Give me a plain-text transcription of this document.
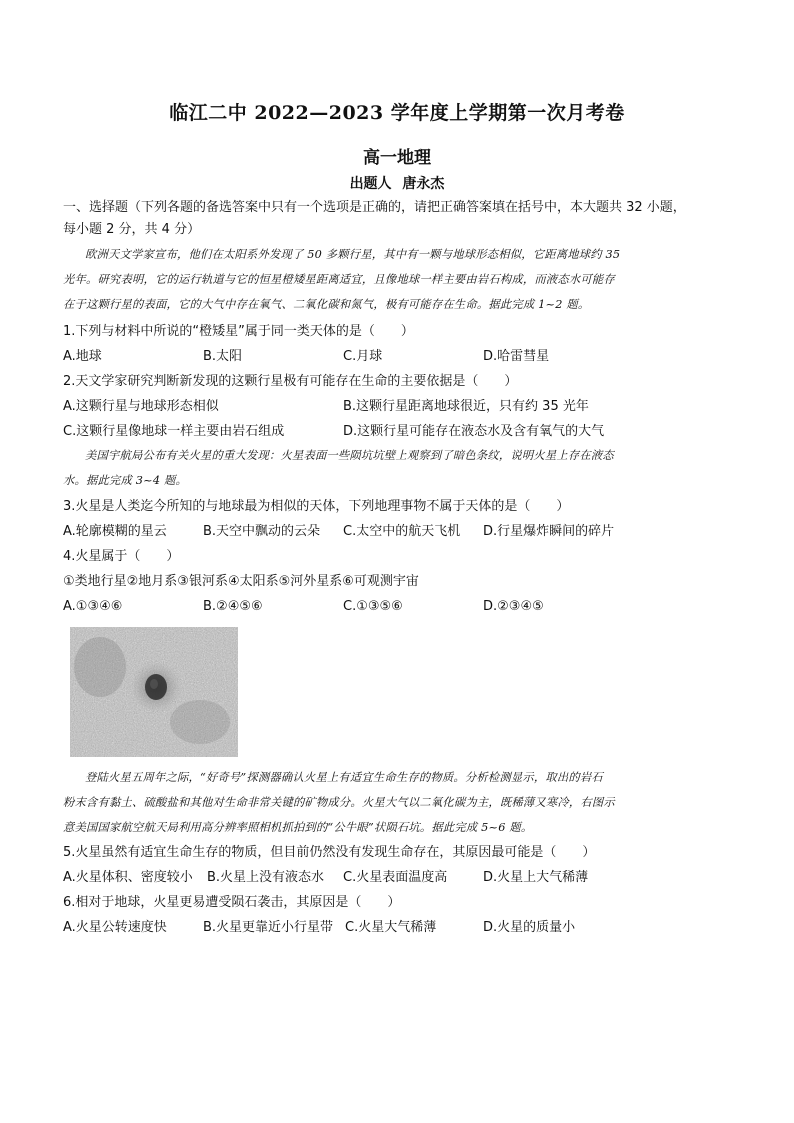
临江二中 2022—2023 学年度上学期第一次月考卷
高一地理
出题人 唐永杰
一、选择题（下列各题的备选答案中只有一个选项是正确的，请把正确答案填在括号中，本大题共 32 小题，
每小题 2 分，共 4 分）
欧洲天文学家宣布，他们在太阳系外发现了 50 多颗行星，其中有一颗与地球形态相似，它距离地球约 35
光年。研究表明，它的运行轨道与它的恒星橙矮星距离适宜，且像地球一样主要由岩石构成，而液态水可能存
在于这颗行星的表面，它的大气中存在氧气、二氧化碳和氮气，极有可能存在生命。据此完成 1~2 题。
1.下列与材料中所说的“橙矮星”属于同一类天体的是（　　）
A.地球	B.太阳	C.月球	D.哈雷彗星
2.天文学家研究判断新发现的这颗行星极有可能存在生命的主要依据是（　　）
A.这颗行星与地球形态相似	B.这颗行星距离地球很近，只有约 35 光年
C.这颗行星像地球一样主要由岩石组成	D.这颗行星可能存在液态水及含有氧气的大气
美国宇航局公布有关火星的重大发现：火星表面一些陨坑坑壁上观察到了暗色条纹，说明火星上存在液态
水。据此完成 3~4 题。
3.火星是人类迄今所知的与地球最为相似的天体，下列地理事物不属于天体的是（　　）
A.轮廓模糊的星云	B.天空中飘动的云朵 C.太空中的航天飞机 D.行星爆炸瞬间的碎片
4.火星属于（　　）
①类地行星②地月系③银河系④太阳系⑤河外星系⑥可观测宇宙
A.①③④⑥	B.②④⑤⑥	C.①③⑤⑥	D.②③④⑤
登陆火星五周年之际，“好奇号”探测器确认火星上有适宜生命生存的物质。分析检测显示，取出的岩石
粉末含有黏土、硫酸盐和其他对生命非常关键的矿物成分。火星大气以二氧化碳为主，既稀薄又寒冷，右图示
意美国国家航空航天局利用高分辨率照相机抓拍到的“公牛眼”状陨石坑。据此完成 5~6 题。
5.火星虽然有适宜生命生存的物质，但目前仍然没有发现生命存在，其原因最可能是（　　）
A.火星体积、密度较小 B.火星上没有液态水 C.火星表面温度高	D.火星上大气稀薄
6.相对于地球，火星更易遭受陨石袭击，其原因是（　　）
A.火星公转速度快	B.火星更靠近小行星带 C.火星大气稀薄	D.火星的质量小
